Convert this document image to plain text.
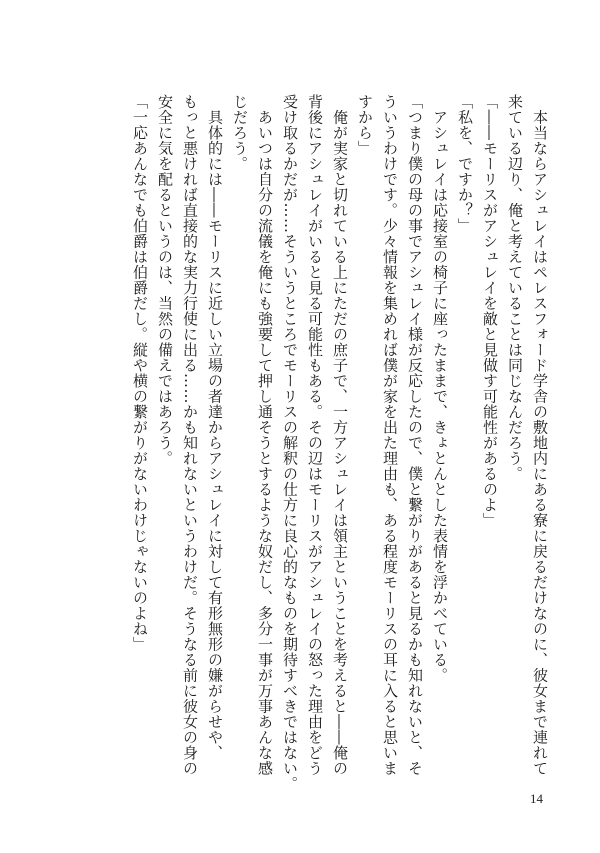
　本当ならアシュレイはペレスフォード学舎の敷地内にある寮に戻るだけなのに、彼女まで連れて
来ている辺り、俺と考えていることは同じなんだろう。
「――モーリスがアシュレイを敵と見做す可能性があるのよ」
「私を、ですか？」
　アシュレイは応接室の椅子に座ったままで、きょとんとした表情を浮かべている。
「つまり僕の母の事でアシュレイ様が反応したので、僕と繋がりがあると見るかも知れないと、そ
ういうわけです。少々情報を集めれば僕が家を出た理由も、ある程度モーリスの耳に入ると思いま
すから」
　俺が実家と切れている上にただの庶子で、一方アシュレイは領主ということを考えると――俺の
背後にアシュレイがいると見る可能性もある。その辺はモーリスがアシュレイの怒った理由をどう
受け取るかだが……そういうところでモーリスの解釈の仕方に良心的なものを期待すべきではない。
　あいつは自分の流儀を俺にも強要して押し通そうとするような奴だし、多分一事が万事あんな感
じだろう。
　具体的には――モーリスに近しい立場の者達からアシュレイに対して有形無形の嫌がらせや、
もっと悪ければ直接的な実力行使に出る……かも知れないというわけだ。そうなる前に彼女の身の
安全に気を配るというのは、当然の備えではあろう。
「一応あんなでも伯爵は伯爵だし。縦や横の繋がりがないわけじゃないのよね」
14
